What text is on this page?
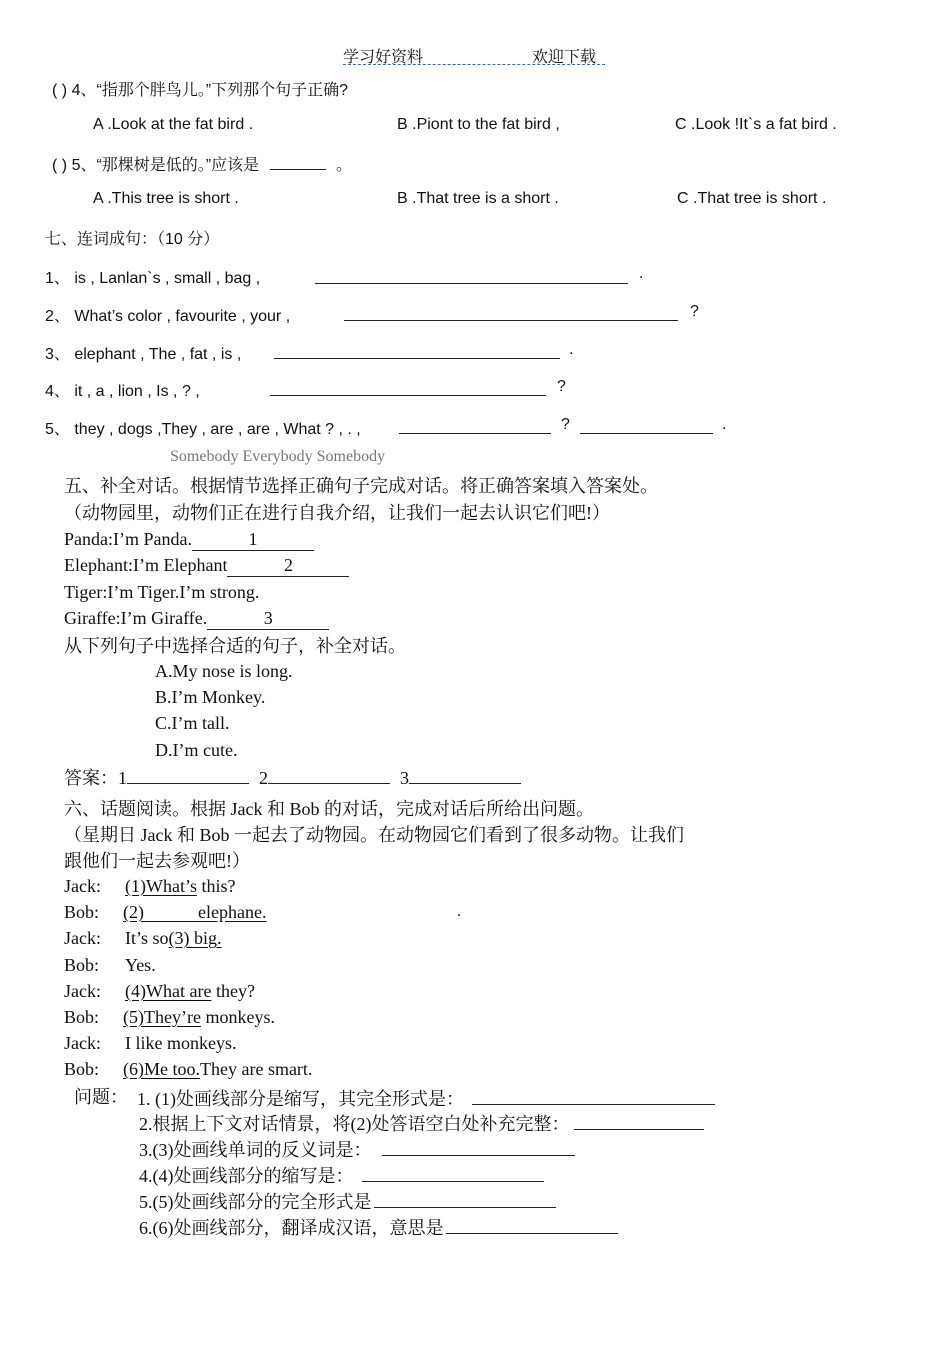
学习好资料	欢迎下载
( ) 4、“指那个胖鸟儿。”下列那个句子正确?
A .Look at the fat bird .	B .Piont to the fat bird ,	C .Look !It`s a fat bird .
( ) 5、“那棵树是低的。”应该是	。
A .This tree is short .	B .That tree is a short .	C .That tree is short .
七、连词成句：（10 分）
1、 is , Lanlan`s , small , bag ,	.
2、 What’s color , favourite , your ,	?
3、 elephant , The , fat , is ,	.
4、 it , a , lion , Is , ? ,	?
5、 they , dogs ,They , are , are , What ? , . ,	?	.
Somebody Everybody Somebody
五、补全对话。根据情节选择正确句子完成对话。将正确答案填入答案处。
（动物园里，动物们正在进行自我介绍，让我们一起去认识它们吧!）
Panda:I’m Panda.	1
Elephant:I’m Elephant	2
Tiger:I’m Tiger.I’m strong.
Giraffe:I’m Giraffe.	3
从下列句子中选择合适的句子，补全对话。
A.My nose is long.
B.I’m Monkey.
C.I’m tall.
D.I’m cute.
答案：1	2	3
六、话题阅读。根据 Jack 和 Bob 的对话，完成对话后所给出问题。
（星期日 Jack 和 Bob 一起去了动物园。在动物园它们看到了很多动物。让我们
跟他们一起去参观吧!）
Jack: (1)What’s this?
Bob: (2)            elephane.	.
Jack: It’s so(3) big.
Bob: Yes.
Jack: (4)What are they?
Bob: (5)They’re monkeys.
Jack: I like monkeys.
Bob: (6)Me too.They are smart.
问题： 1. (1)处画线部分是缩写，其完全形式是：
2.根据上下文对话情景，将(2)处答语空白处补充完整：
3.(3)处画线单词的反义词是：
4.(4)处画线部分的缩写是：
5.(5)处画线部分的完全形式是
6.(6)处画线部分，翻译成汉语，意思是
